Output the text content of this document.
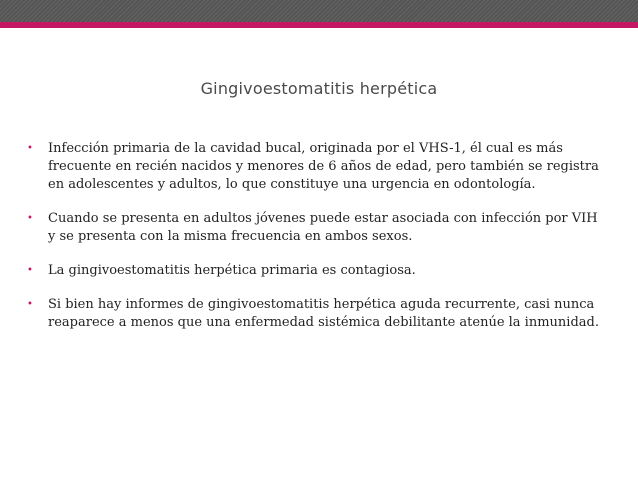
Gingivoestomatitis herpética
• Infección primaria de la cavidad bucal, originada por el VHS-1, él cual es más frecuente en recién nacidos y menores de 6 años de edad, pero también se registra en adolescentes y adultos, lo que constituye una urgencia en odontología.
• Cuando se presenta en adultos jóvenes puede estar asociada con infección por VIH y se presenta con la misma frecuencia en ambos sexos.
• La gingivoestomatitis herpética primaria es contagiosa.
• Si bien hay informes de gingivoestomatitis herpética aguda recurrente, casi nunca reaparece a menos que una enfermedad sistémica debilitante atenúe la inmunidad.
